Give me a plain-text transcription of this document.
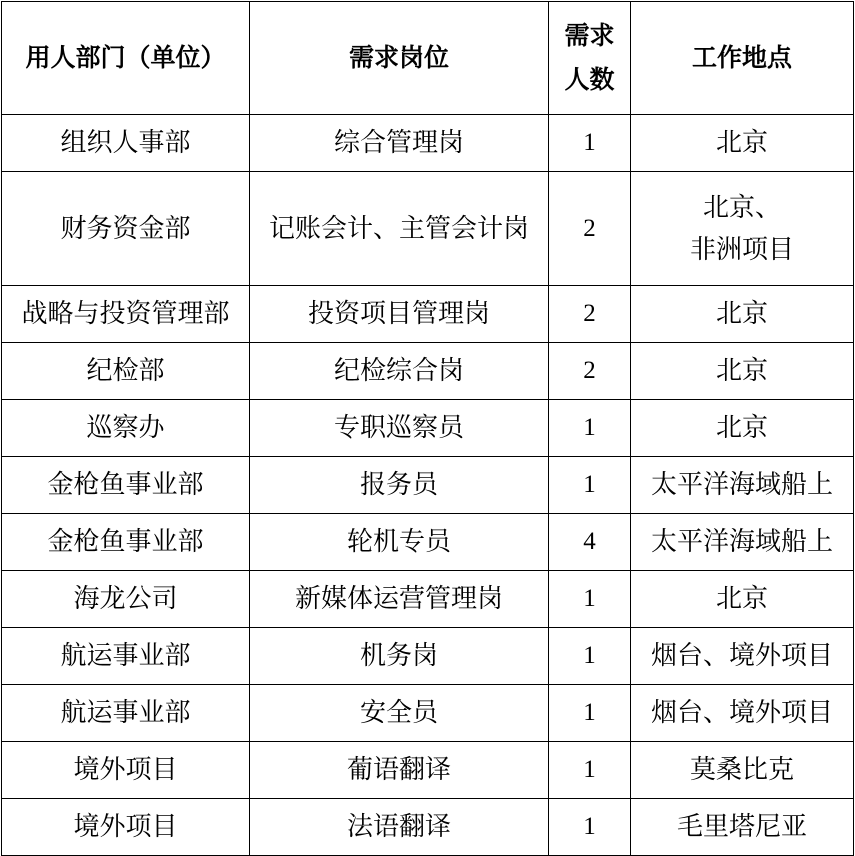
用人部门（单位）	需求岗位	需求人数	工作地点
组织人事部	综合管理岗	1	北京
财务资金部	记账会计、主管会计岗	2	北京、
非洲项目

战略与投资管理部	投资项目管理岗	2	北京
纪检部	纪检综合岗	2	北京
巡察办	专职巡察员	1	北京
金枪鱼事业部	报务员	1	太平洋海域船上
金枪鱼事业部	轮机专员	4	太平洋海域船上
海龙公司	新媒体运营管理岗	1	北京
航运事业部	机务岗	1	烟台、境外项目
航运事业部	安全员	1	烟台、境外项目
境外项目	葡语翻译	1	莫桑比克
境外项目	法语翻译	1	毛里塔尼亚
